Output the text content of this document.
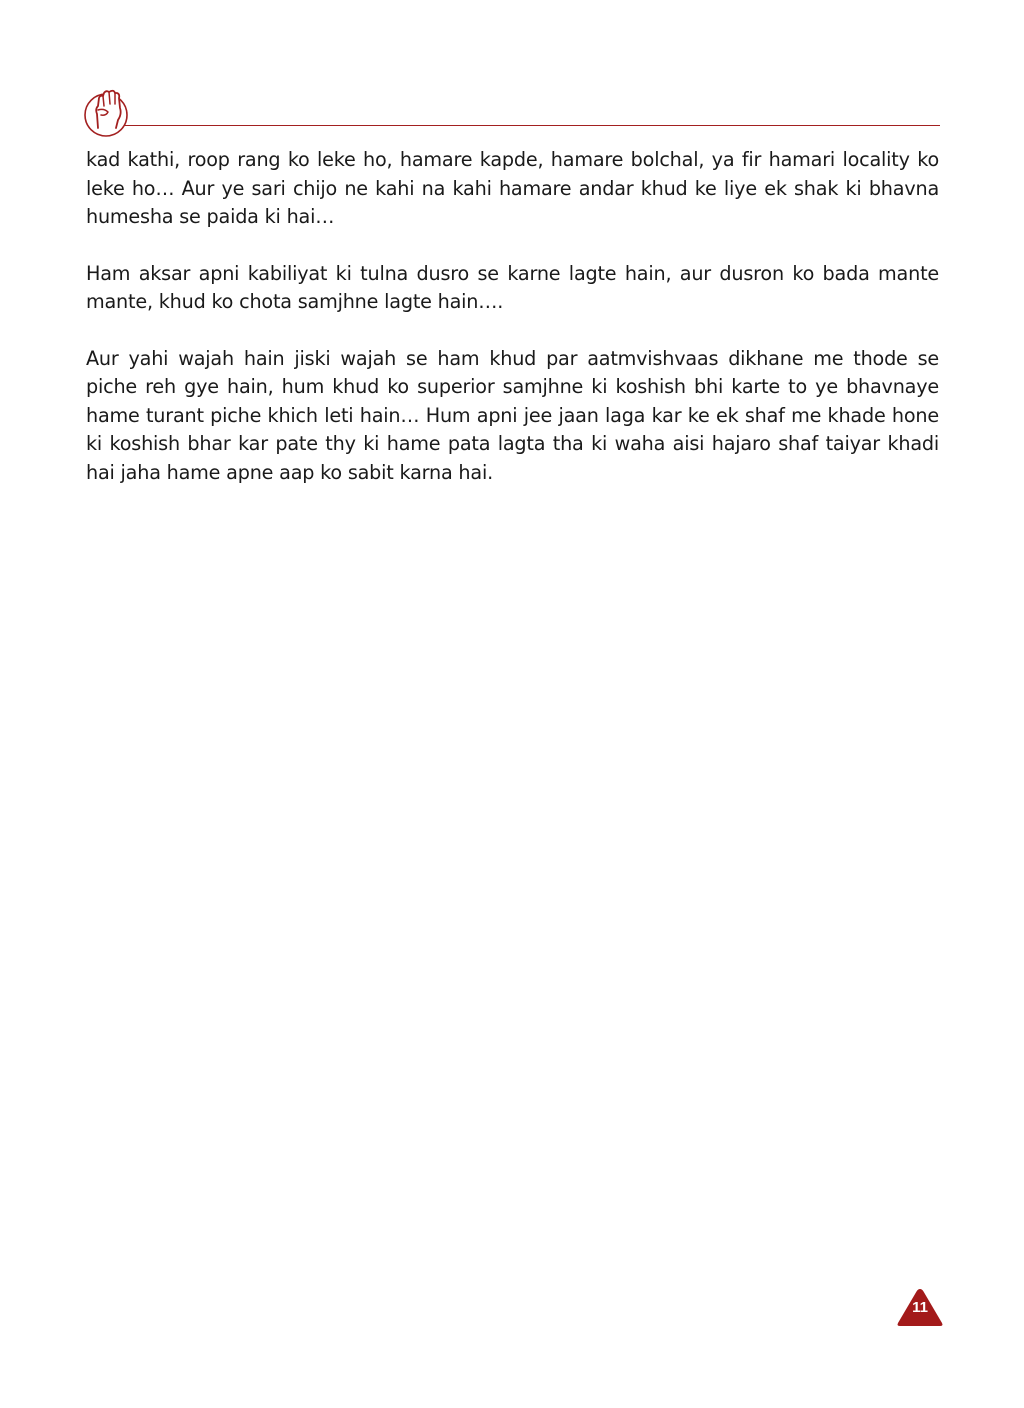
kad kathi, roop rang ko leke ho, hamare kapde, hamare bolchal, ya fir hamari locality ko leke ho… Aur ye sari chijo ne kahi na kahi hamare andar khud ke liye ek shak ki bhavna humesha se paida ki hai…

Ham aksar apni kabiliyat ki tulna dusro se karne lagte hain, aur dusron ko bada mante mante, khud ko chota samjhne lagte hain….

Aur yahi wajah hain jiski wajah se ham khud par aatmvishvaas dikhane me thode se piche reh gye hain, hum khud ko superior samjhne ki koshish bhi karte to ye bhavnaye hame turant piche khich leti hain… Hum apni jee jaan laga kar ke ek shaf me khade hone ki koshish bhar kar pate thy ki hame pata lagta tha ki waha aisi hajaro shaf taiyar khadi hai jaha hame apne aap ko sabit karna hai.

11
